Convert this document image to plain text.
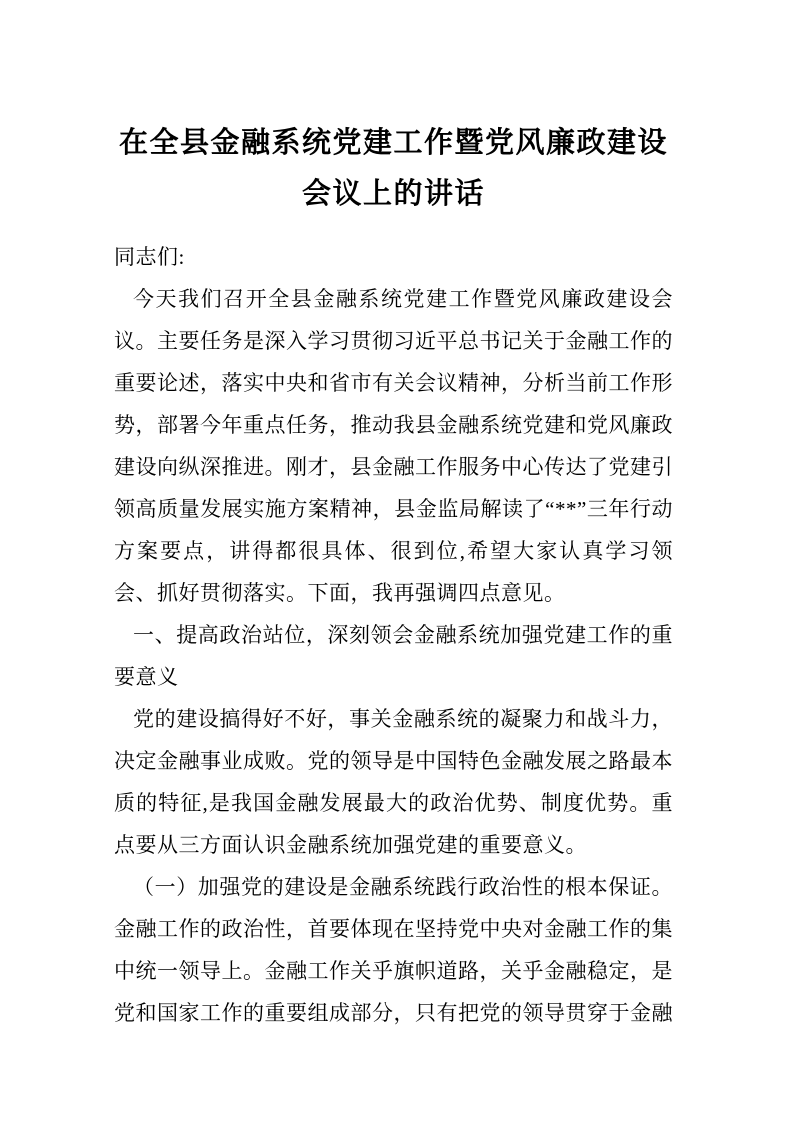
在全县金融系统党建工作暨党风廉政建设会议上的讲话

同志们:

今天我们召开全县金融系统党建工作暨党风廉政建设会议。主要任务是深入学习贯彻习近平总书记关于金融工作的重要论述，落实中央和省市有关会议精神，分析当前工作形势，部署今年重点任务，推动我县金融系统党建和党风廉政建设向纵深推进。刚才，县金融工作服务中心传达了党建引领高质量发展实施方案精神，县金监局解读了“**”三年行动方案要点，讲得都很具体、很到位,希望大家认真学习领会、抓好贯彻落实。下面，我再强调四点意见。

一、提高政治站位，深刻领会金融系统加强党建工作的重要意义

党的建设搞得好不好，事关金融系统的凝聚力和战斗力，决定金融事业成败。党的领导是中国特色金融发展之路最本质的特征,是我国金融发展最大的政治优势、制度优势。重点要从三方面认识金融系统加强党建的重要意义。

（一）加强党的建设是金融系统践行政治性的根本保证。金融工作的政治性，首要体现在坚持党中央对金融工作的集中统一领导上。金融工作关乎旗帜道路，关乎金融稳定，是党和国家工作的重要组成部分，只有把党的领导贯穿于金融
